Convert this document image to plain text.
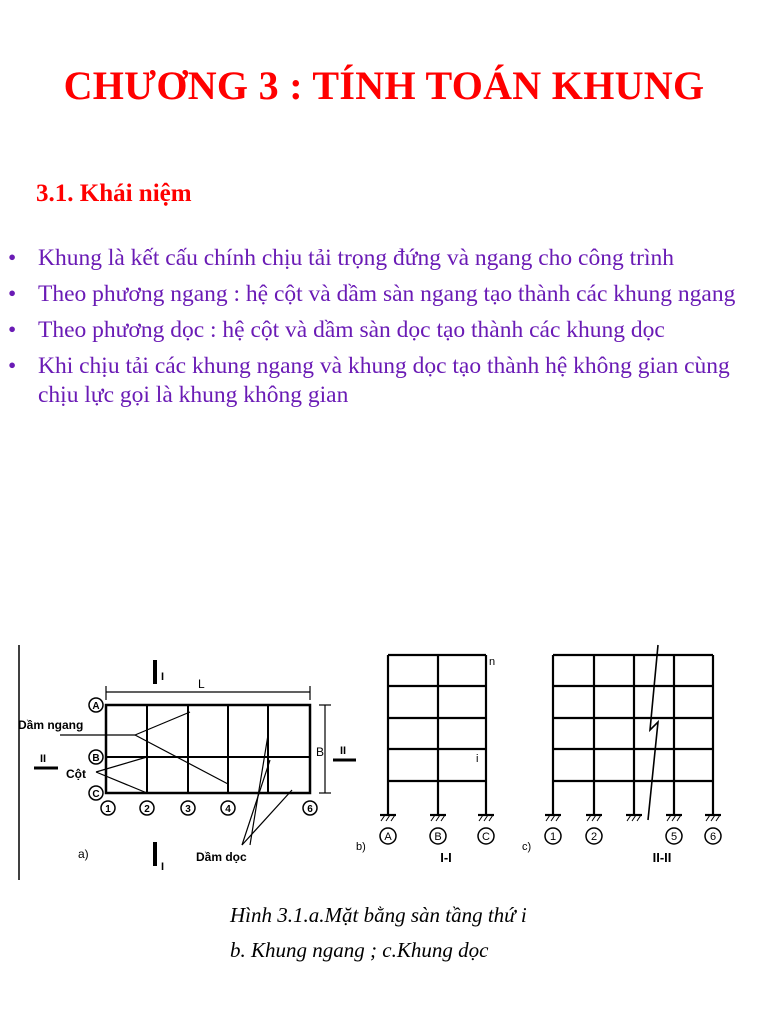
CHƯƠNG 3 : TÍNH TOÁN KHUNG
3.1. Khái niệm
• Khung là kết cấu chính chịu tải trọng đứng và ngang cho công trình
• Theo phương ngang : hệ cột và dầm sàn ngang tạo thành các khung ngang
• Theo phương dọc : hệ cột và dầm sàn dọc tạo thành các khung dọc
• Khi chịu tải các khung ngang và khung dọc tạo thành hệ không gian cùng chịu lực gọi là khung không gian
A
B
C
1	2	3	4	6
Dầm ngang
Cột
Dầm dọc
L
B
a)
I
I
II
II
A	B	C
n
i
b)
I-I
1	2	5	6
c)
II-II
Hình 3.1.a.Mặt bằng sàn tầng thứ i
b. Khung ngang ; c.Khung dọc
